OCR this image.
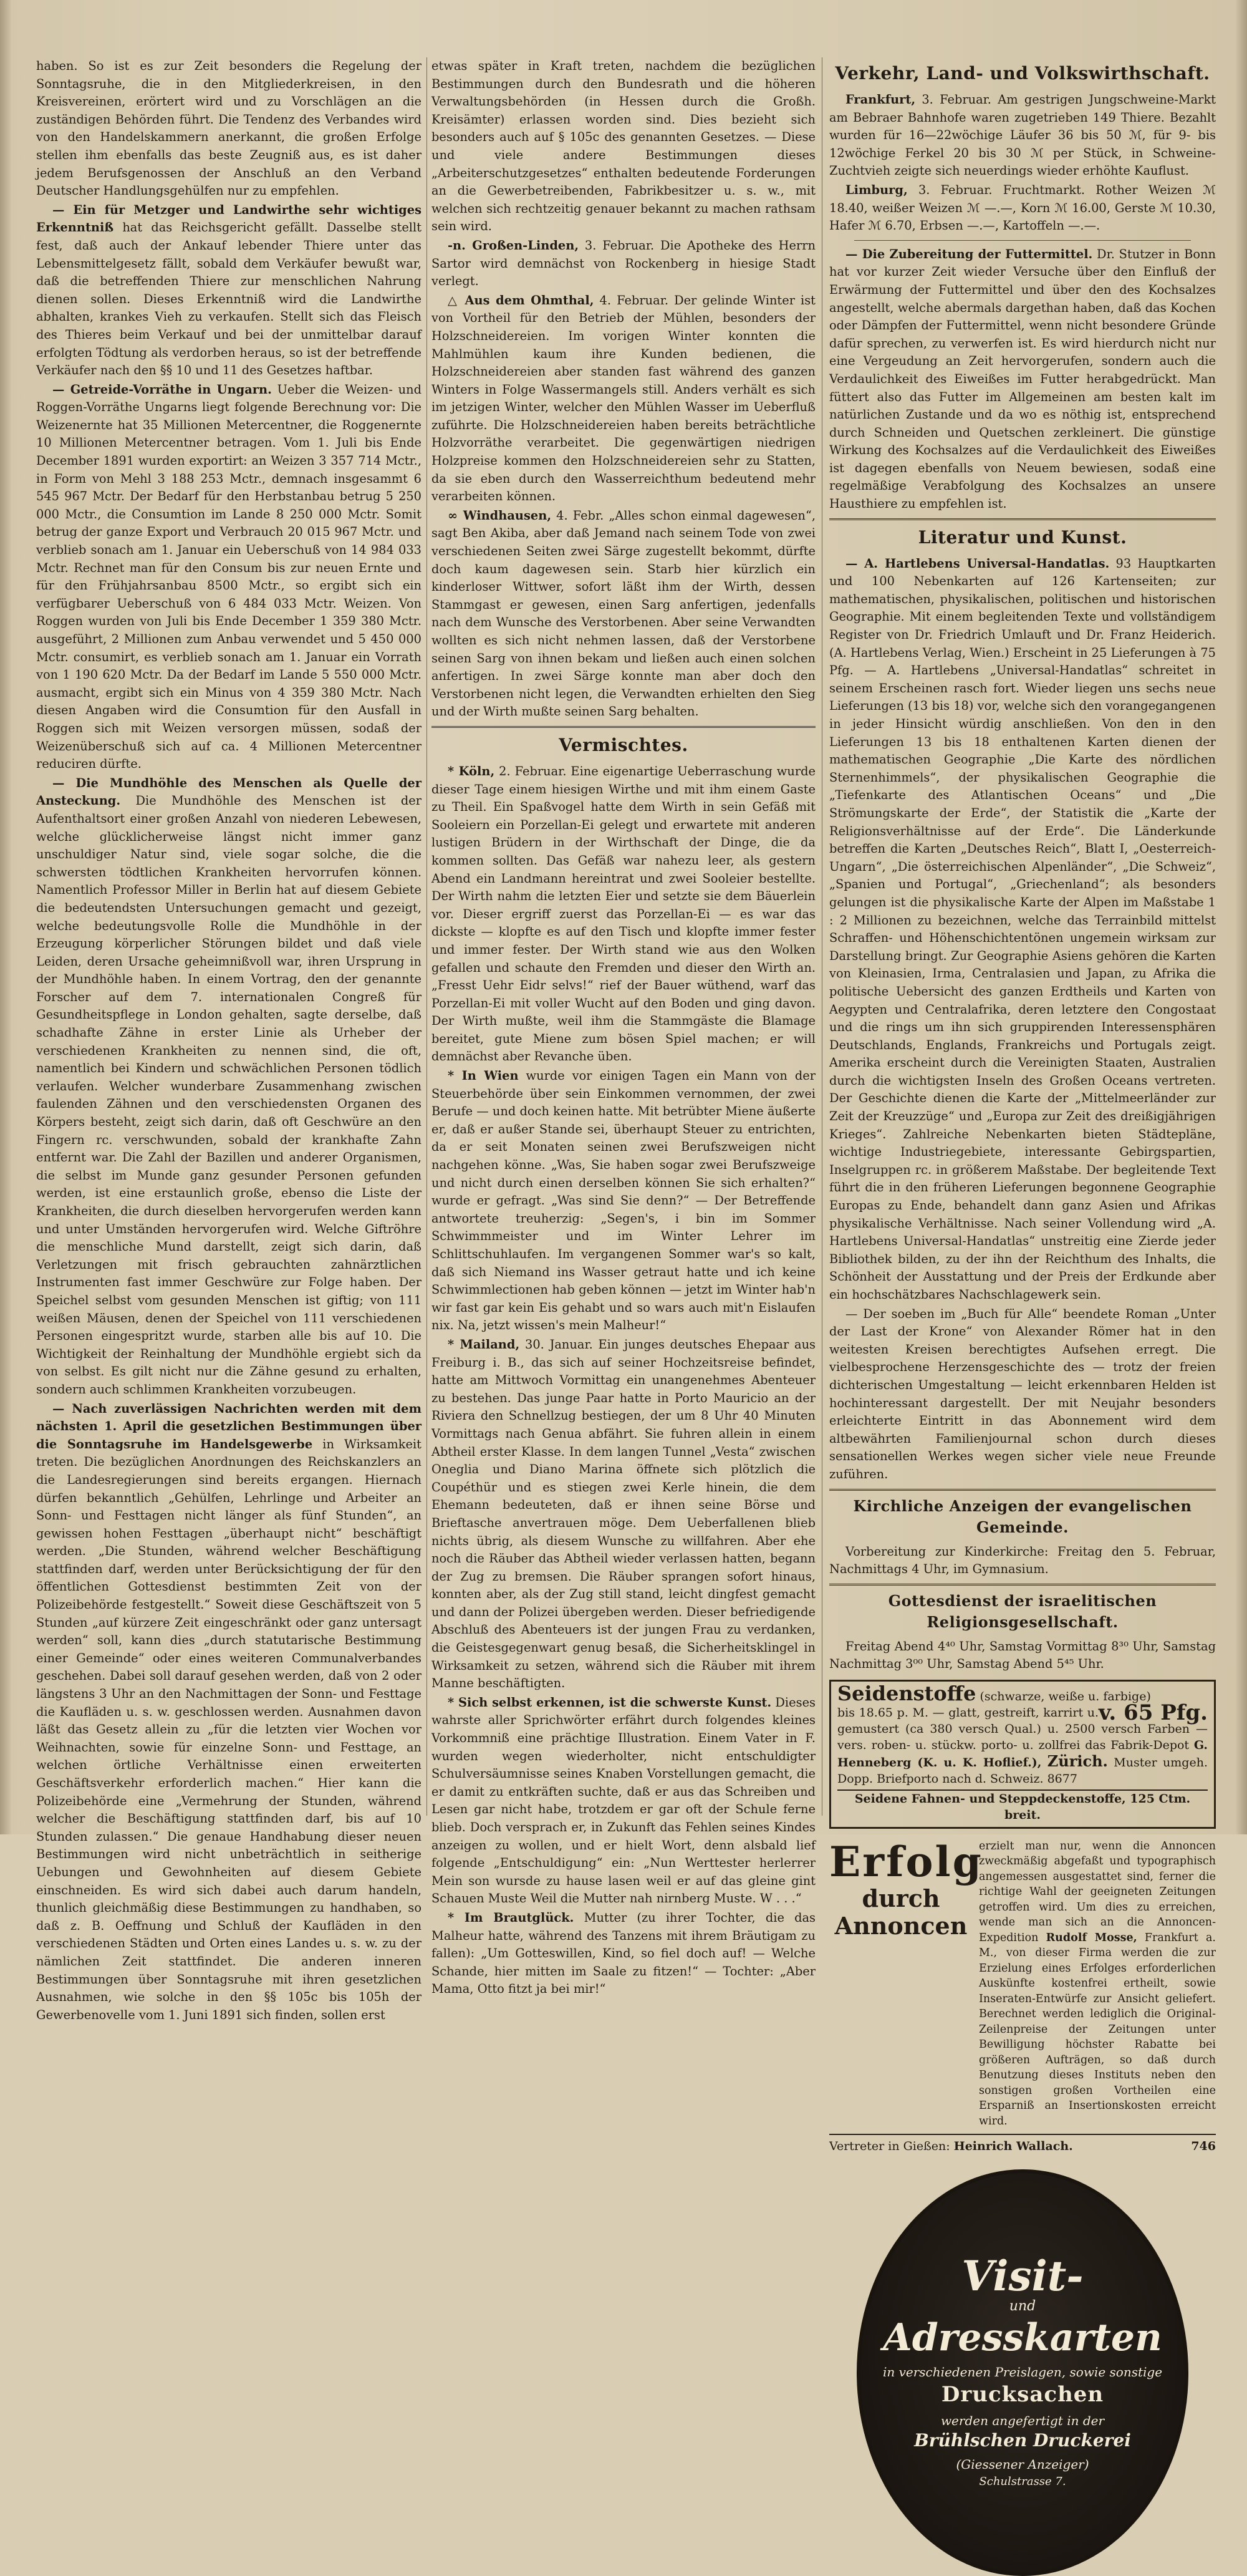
haben. So ist es zur Zeit besonders die Regelung der Sonntagsruhe, die in den Mitgliederkreisen, in den Kreisvereinen, erörtert wird und zu Vorschlägen an die zuständigen Behörden führt. Die Tendenz des Verbandes wird von den Handelskammern anerkannt, die großen Erfolge stellen ihm ebenfalls das beste Zeugniß aus, es ist daher jedem Berufsgenossen der Anschluß an den Verband Deutscher Handlungsgehülfen nur zu empfehlen.

— Ein für Metzger und Landwirthe sehr wichtiges Erkenntniß hat das Reichsgericht gefällt. Dasselbe stellt fest, daß auch der Ankauf lebender Thiere unter das Lebensmittelgesetz fällt, sobald dem Verkäufer bewußt war, daß die betreffenden Thiere zur menschlichen Nahrung dienen sollen. Dieses Erkenntniß wird die Landwirthe abhalten, krankes Vieh zu verkaufen. Stellt sich das Fleisch des Thieres beim Verkauf und bei der unmittelbar darauf erfolgten Tödtung als verdorben heraus, so ist der betreffende Verkäufer nach den §§ 10 und 11 des Gesetzes haftbar.

— Getreide-Vorräthe in Ungarn. Ueber die Weizen- und Roggen-Vorräthe Ungarns liegt folgende Berechnung vor: Die Weizenernte hat 35 Millionen Metercentner, die Roggenernte 10 Millionen Metercentner betragen. Vom 1. Juli bis Ende December 1891 wurden exportirt: an Weizen 3 357 714 Mctr., in Form von Mehl 3 188 253 Mctr., demnach insgesammt 6 545 967 Mctr. Der Bedarf für den Herbstanbau betrug 5 250 000 Mctr., die Consumtion im Lande 8 250 000 Mctr. Somit betrug der ganze Export und Verbrauch 20 015 967 Mctr. und verblieb sonach am 1. Januar ein Ueberschuß von 14 984 033 Mctr. Rechnet man für den Consum bis zur neuen Ernte und für den Frühjahrsanbau 8500 Mctr., so ergibt sich ein verfügbarer Ueberschuß von 6 484 033 Mctr. Weizen. Von Roggen wurden von Juli bis Ende December 1 359 380 Mctr. ausgeführt, 2 Millionen zum Anbau verwendet und 5 450 000 Mctr. consumirt, es verblieb sonach am 1. Januar ein Vorrath von 1 190 620 Mctr. Da der Bedarf im Lande 5 550 000 Mctr. ausmacht, ergibt sich ein Minus von 4 359 380 Mctr. Nach diesen Angaben wird die Consumtion für den Ausfall in Roggen sich mit Weizen versorgen müssen, sodaß der Weizenüberschuß sich auf ca. 4 Millionen Metercentner reduciren dürfte.

— Die Mundhöhle des Menschen als Quelle der Ansteckung. Die Mundhöhle des Menschen ist der Aufenthaltsort einer großen Anzahl von niederen Lebewesen, welche glücklicherweise längst nicht immer ganz unschuldiger Natur sind, viele sogar solche, die die schwersten tödtlichen Krankheiten hervorrufen können. Namentlich Professor Miller in Berlin hat auf diesem Gebiete die bedeutendsten Untersuchungen gemacht und gezeigt, welche bedeutungsvolle Rolle die Mundhöhle in der Erzeugung körperlicher Störungen bildet und daß viele Leiden, deren Ursache geheimnißvoll war, ihren Ursprung in der Mundhöhle haben. In einem Vortrag, den der genannte Forscher auf dem 7. internationalen Congreß für Gesundheitspflege in London gehalten, sagte derselbe, daß schadhafte Zähne in erster Linie als Urheber der verschiedenen Krankheiten zu nennen sind, die oft, namentlich bei Kindern und schwächlichen Personen tödlich verlaufen. Welcher wunderbare Zusammenhang zwischen faulenden Zähnen und den verschiedensten Organen des Körpers besteht, zeigt sich darin, daß oft Geschwüre an den Fingern rc. verschwunden, sobald der krankhafte Zahn entfernt war. Die Zahl der Bazillen und anderer Organismen, die selbst im Munde ganz gesunder Personen gefunden werden, ist eine erstaunlich große, ebenso die Liste der Krankheiten, die durch dieselben hervorgerufen werden kann und unter Umständen hervorgerufen wird. Welche Giftröhre die menschliche Mund darstellt, zeigt sich darin, daß Verletzungen mit frisch gebrauchten zahnärztlichen Instrumenten fast immer Geschwüre zur Folge haben. Der Speichel selbst vom gesunden Menschen ist giftig; von 111 weißen Mäusen, denen der Speichel von 111 verschiedenen Personen eingespritzt wurde, starben alle bis auf 10. Die Wichtigkeit der Reinhaltung der Mundhöhle ergiebt sich da von selbst. Es gilt nicht nur die Zähne gesund zu erhalten, sondern auch schlimmen Krankheiten vorzubeugen.

— Nach zuverlässigen Nachrichten werden mit dem nächsten 1. April die gesetzlichen Bestimmungen über die Sonntagsruhe im Handelsgewerbe in Wirksamkeit treten. Die bezüglichen Anordnungen des Reichskanzlers an die Landesregierungen sind bereits ergangen. Hiernach dürfen bekanntlich „Gehülfen, Lehrlinge und Arbeiter an Sonn- und Festtagen nicht länger als fünf Stunden“, an gewissen hohen Festtagen „überhaupt nicht“ beschäftigt werden. „Die Stunden, während welcher Beschäftigung stattfinden darf, werden unter Berücksichtigung der für den öffentlichen Gottesdienst bestimmten Zeit von der Polizeibehörde festgestellt.“ Soweit diese Geschäftszeit von 5 Stunden „auf kürzere Zeit eingeschränkt oder ganz untersagt werden“ soll, kann dies „durch statutarische Bestimmung einer Gemeinde“ oder eines weiteren Communalverbandes geschehen. Dabei soll darauf gesehen werden, daß von 2 oder längstens 3 Uhr an den Nachmittagen der Sonn- und Festtage die Kaufläden u. s. w. geschlossen werden. Ausnahmen davon läßt das Gesetz allein zu „für die letzten vier Wochen vor Weihnachten, sowie für einzelne Sonn- und Festtage, an welchen örtliche Verhältnisse einen erweiterten Geschäftsverkehr erforderlich machen.“ Hier kann die Polizeibehörde eine „Vermehrung der Stunden, während welcher die Beschäftigung stattfinden darf, bis auf 10 Stunden zulassen.“ Die genaue Handhabung dieser neuen Bestimmungen wird nicht unbeträchtlich in seitherige Uebungen und Gewohnheiten auf diesem Gebiete einschneiden. Es wird sich dabei auch darum handeln, thunlich gleichmäßig diese Bestimmungen zu handhaben, so daß z. B. Oeffnung und Schluß der Kaufläden in den verschiedenen Städten und Orten eines Landes u. s. w. zu der nämlichen Zeit stattfindet. Die anderen inneren Bestimmungen über Sonntagsruhe mit ihren gesetzlichen Ausnahmen, wie solche in den §§ 105c bis 105h der Gewerbenovelle vom 1. Juni 1891 sich finden, sollen erst

etwas später in Kraft treten, nachdem die bezüglichen Bestimmungen durch den Bundesrath und die höheren Verwaltungsbehörden (in Hessen durch die Großh. Kreisämter) erlassen worden sind. Dies bezieht sich besonders auch auf § 105c des genannten Gesetzes. — Diese und viele andere Bestimmungen dieses „Arbeiterschutzgesetzes“ enthalten bedeutende Forderungen an die Gewerbetreibenden, Fabrikbesitzer u. s. w., mit welchen sich rechtzeitig genauer bekannt zu machen rathsam sein wird.

-n. Großen-Linden, 3. Februar. Die Apotheke des Herrn Sartor wird demnächst von Rockenberg in hiesige Stadt verlegt.

△ Aus dem Ohmthal, 4. Februar. Der gelinde Winter ist von Vortheil für den Betrieb der Mühlen, besonders der Holzschneidereien. Im vorigen Winter konnten die Mahlmühlen kaum ihre Kunden bedienen, die Holzschneidereien aber standen fast während des ganzen Winters in Folge Wassermangels still. Anders verhält es sich im jetzigen Winter, welcher den Mühlen Wasser im Ueberfluß zuführte. Die Holzschneidereien haben bereits beträchtliche Holzvorräthe verarbeitet. Die gegenwärtigen niedrigen Holzpreise kommen den Holzschneidereien sehr zu Statten, da sie eben durch den Wasserreichthum bedeutend mehr verarbeiten können.

∞ Windhausen, 4. Febr. „Alles schon einmal dagewesen“, sagt Ben Akiba, aber daß Jemand nach seinem Tode von zwei verschiedenen Seiten zwei Särge zugestellt bekommt, dürfte doch kaum dagewesen sein. Starb hier kürzlich ein kinderloser Wittwer, sofort läßt ihm der Wirth, dessen Stammgast er gewesen, einen Sarg anfertigen, jedenfalls nach dem Wunsche des Verstorbenen. Aber seine Verwandten wollten es sich nicht nehmen lassen, daß der Verstorbene seinen Sarg von ihnen bekam und ließen auch einen solchen anfertigen. In zwei Särge konnte man aber doch den Verstorbenen nicht legen, die Verwandten erhielten den Sieg und der Wirth mußte seinen Sarg behalten.

Vermischtes.

* Köln, 2. Februar. Eine eigenartige Ueberraschung wurde dieser Tage einem hiesigen Wirthe und mit ihm einem Gaste zu Theil. Ein Spaßvogel hatte dem Wirth in sein Gefäß mit Sooleiern ein Porzellan-Ei gelegt und erwartete mit anderen lustigen Brüdern in der Wirthschaft der Dinge, die da kommen sollten. Das Gefäß war nahezu leer, als gestern Abend ein Landmann hereintrat und zwei Sooleier bestellte. Der Wirth nahm die letzten Eier und setzte sie dem Bäuerlein vor. Dieser ergriff zuerst das Porzellan-Ei — es war das dickste — klopfte es auf den Tisch und klopfte immer fester und immer fester. Der Wirth stand wie aus den Wolken gefallen und schaute den Fremden und dieser den Wirth an. „Fresst Uehr Eidr selvs!“ rief der Bauer wüthend, warf das Porzellan-Ei mit voller Wucht auf den Boden und ging davon. Der Wirth mußte, weil ihm die Stammgäste die Blamage bereitet, gute Miene zum bösen Spiel machen; er will demnächst aber Revanche üben.

* In Wien wurde vor einigen Tagen ein Mann von der Steuerbehörde über sein Einkommen vernommen, der zwei Berufe — und doch keinen hatte. Mit betrübter Miene äußerte er, daß er außer Stande sei, überhaupt Steuer zu entrichten, da er seit Monaten seinen zwei Berufszweigen nicht nachgehen könne. „Was, Sie haben sogar zwei Berufszweige und nicht durch einen derselben können Sie sich erhalten?“ wurde er gefragt. „Was sind Sie denn?“ — Der Betreffende antwortete treuherzig: „Segen's, i bin im Sommer Schwimmmeister und im Winter Lehrer im Schlittschuhlaufen. Im vergangenen Sommer war's so kalt, daß sich Niemand ins Wasser getraut hatte und ich keine Schwimmlectionen hab geben können — jetzt im Winter hab'n wir fast gar kein Eis gehabt und so wars auch mit'n Eislaufen nix. Na, jetzt wissen's mein Malheur!“

* Mailand, 30. Januar. Ein junges deutsches Ehepaar aus Freiburg i. B., das sich auf seiner Hochzeitsreise befindet, hatte am Mittwoch Vormittag ein unangenehmes Abenteuer zu bestehen. Das junge Paar hatte in Porto Mauricio an der Riviera den Schnellzug bestiegen, der um 8 Uhr 40 Minuten Vormittags nach Genua abfährt. Sie fuhren allein in einem Abtheil erster Klasse. In dem langen Tunnel „Vesta“ zwischen Oneglia und Diano Marina öffnete sich plötzlich die Coupéthür und es stiegen zwei Kerle hinein, die dem Ehemann bedeuteten, daß er ihnen seine Börse und Brieftasche anvertrauen möge. Dem Ueberfallenen blieb nichts übrig, als diesem Wunsche zu willfahren. Aber ehe noch die Räuber das Abtheil wieder verlassen hatten, begann der Zug zu bremsen. Die Räuber sprangen sofort hinaus, konnten aber, als der Zug still stand, leicht dingfest gemacht und dann der Polizei übergeben werden. Dieser befriedigende Abschluß des Abenteuers ist der jungen Frau zu verdanken, die Geistesgegenwart genug besaß, die Sicherheitsklingel in Wirksamkeit zu setzen, während sich die Räuber mit ihrem Manne beschäftigten.

* Sich selbst erkennen, ist die schwerste Kunst. Dieses wahrste aller Sprichwörter erfährt durch folgendes kleines Vorkommniß eine prächtige Illustration. Einem Vater in F. wurden wegen wiederholter, nicht entschuldigter Schulversäumnisse seines Knaben Vorstellungen gemacht, die er damit zu entkräften suchte, daß er aus das Schreiben und Lesen gar nicht habe, trotzdem er gar oft der Schule ferne blieb. Doch versprach er, in Zukunft das Fehlen seines Kindes anzeigen zu wollen, und er hielt Wort, denn alsbald lief folgende „Entschuldigung“ ein: „Nun Werttester herlerrer Mein son wursde zu hause lasen weil er auf das gleine gint Schauen Muste Weil die Mutter nah nirnberg Muste. W . . .“

* Im Brautglück. Mutter (zu ihrer Tochter, die das Malheur hatte, während des Tanzens mit ihrem Bräutigam zu fallen): „Um Gotteswillen, Kind, so fiel doch auf! — Welche Schande, hier mitten im Saale zu fitzen!“ — Tochter: „Aber Mama, Otto fitzt ja bei mir!“

Verkehr, Land- und Volkswirthschaft.

Frankfurt, 3. Februar. Am gestrigen Jungschweine-Markt am Bebraer Bahnhofe waren zugetrieben 149 Thiere. Bezahlt wurden für 16—22wöchige Läufer 36 bis 50 ℳ, für 9- bis 12wöchige Ferkel 20 bis 30 ℳ per Stück, in Schweine-Zuchtvieh zeigte sich neuerdings wieder erhöhte Kauflust.

Limburg, 3. Februar. Fruchtmarkt. Rother Weizen ℳ 18.40, weißer Weizen ℳ —.—, Korn ℳ 16.00, Gerste ℳ 10.30, Hafer ℳ 6.70, Erbsen —.—, Kartoffeln —.—.

— Die Zubereitung der Futtermittel. Dr. Stutzer in Bonn hat vor kurzer Zeit wieder Versuche über den Einfluß der Erwärmung der Futtermittel und über den des Kochsalzes angestellt, welche abermals dargethan haben, daß das Kochen oder Dämpfen der Futtermittel, wenn nicht besondere Gründe dafür sprechen, zu verwerfen ist. Es wird hierdurch nicht nur eine Vergeudung an Zeit hervorgerufen, sondern auch die Verdaulichkeit des Eiweißes im Futter herabgedrückt. Man füttert also das Futter im Allgemeinen am besten kalt im natürlichen Zustande und da wo es nöthig ist, entsprechend durch Schneiden und Quetschen zerkleinert. Die günstige Wirkung des Kochsalzes auf die Verdaulichkeit des Eiweißes ist dagegen ebenfalls von Neuem bewiesen, sodaß eine regelmäßige Verabfolgung des Kochsalzes an unsere Hausthiere zu empfehlen ist.

Literatur und Kunst.

— A. Hartlebens Universal-Handatlas. 93 Hauptkarten und 100 Nebenkarten auf 126 Kartenseiten; zur mathematischen, physikalischen, politischen und historischen Geographie. Mit einem begleitenden Texte und vollständigem Register von Dr. Friedrich Umlauft und Dr. Franz Heiderich. (A. Hartlebens Verlag, Wien.) Erscheint in 25 Lieferungen à 75 Pfg. — A. Hartlebens „Universal-Handatlas“ schreitet in seinem Erscheinen rasch fort. Wieder liegen uns sechs neue Lieferungen (13 bis 18) vor, welche sich den vorangegangenen in jeder Hinsicht würdig anschließen. Von den in den Lieferungen 13 bis 18 enthaltenen Karten dienen der mathematischen Geographie „Die Karte des nördlichen Sternenhimmels“, der physikalischen Geographie die „Tiefenkarte des Atlantischen Oceans“ und „Die Strömungskarte der Erde“, der Statistik die „Karte der Religionsverhältnisse auf der Erde“. Die Länderkunde betreffen die Karten „Deutsches Reich“, Blatt I, „Oesterreich-Ungarn“, „Die österreichischen Alpenländer“, „Die Schweiz“, „Spanien und Portugal“, „Griechenland“; als besonders gelungen ist die physikalische Karte der Alpen im Maßstabe 1 : 2 Millionen zu bezeichnen, welche das Terrainbild mittelst Schraffen- und Höhenschichtentönen ungemein wirksam zur Darstellung bringt. Zur Geographie Asiens gehören die Karten von Kleinasien, Irma, Centralasien und Japan, zu Afrika die politische Uebersicht des ganzen Erdtheils und Karten von Aegypten und Centralafrika, deren letztere den Congostaat und die rings um ihn sich gruppirenden Interessensphären Deutschlands, Englands, Frankreichs und Portugals zeigt. Amerika erscheint durch die Vereinigten Staaten, Australien durch die wichtigsten Inseln des Großen Oceans vertreten. Der Geschichte dienen die Karte der „Mittelmeerländer zur Zeit der Kreuzzüge“ und „Europa zur Zeit des dreißigjährigen Krieges“. Zahlreiche Nebenkarten bieten Städtepläne, wichtige Industriegebiete, interessante Gebirgspartien, Inselgruppen rc. in größerem Maßstabe. Der begleitende Text führt die in den früheren Lieferungen begonnene Geographie Europas zu Ende, behandelt dann ganz Asien und Afrikas physikalische Verhältnisse. Nach seiner Vollendung wird „A. Hartlebens Universal-Handatlas“ unstreitig eine Zierde jeder Bibliothek bilden, zu der ihn der Reichthum des Inhalts, die Schönheit der Ausstattung und der Preis der Erdkunde aber ein hochschätzbares Nachschlagewerk sein.

— Der soeben im „Buch für Alle“ beendete Roman „Unter der Last der Krone“ von Alexander Römer hat in den weitesten Kreisen berechtigtes Aufsehen erregt. Die vielbesprochene Herzensgeschichte des — trotz der freien dichterischen Umgestaltung — leicht erkennbaren Helden ist hochinteressant dargestellt. Der mit Neujahr besonders erleichterte Eintritt in das Abonnement wird dem altbewährten Familienjournal schon durch dieses sensationellen Werkes wegen sicher viele neue Freunde zuführen.

Kirchliche Anzeigen der evangelischen Gemeinde.

Vorbereitung zur Kinderkirche: Freitag den 5. Februar, Nachmittags 4 Uhr, im Gymnasium.

Gottesdienst der israelitischen Religionsgesellschaft.

Freitag Abend 4⁴⁰ Uhr, Samstag Vormittag 8³⁰ Uhr, Samstag Nachmittag 3⁰⁰ Uhr, Samstag Abend 5⁴⁵ Uhr.

Seidenstoffe (schwarze, weiße u. farbige)
v. 65 Pfg.
bis 18.65 p. M. — glatt, gestreift, karrirt u. gemustert (ca 380 versch Qual.) u. 2500 versch Farben — vers. roben- u. stückw. porto- u. zollfrei das Fabrik-Depot G. Henneberg (K. u. K. Hoflief.), Zürich. Muster umgeh. Dopp. Briefporto nach d. Schweiz. 8677
Seidene Fahnen- und Steppdeckenstoffe, 125 Ctm. breit.
Erfolg
durch Annoncen
erzielt man nur, wenn die Annoncen zweckmäßig abgefaßt und typographisch angemessen ausgestattet sind, ferner die richtige Wahl der geeigneten Zeitungen getroffen wird. Um dies zu erreichen, wende man sich an die Annoncen-Expedition Rudolf Mosse, Frankfurt a. M., von dieser Firma werden die zur Erzielung eines Erfolges erforderlichen Auskünfte kostenfrei ertheilt, sowie Inseraten-Entwürfe zur Ansicht geliefert. Berechnet werden lediglich die Original-Zeilenpreise der Zeitungen unter Bewilligung höchster Rabatte bei größeren Aufträgen, so daß durch Benutzung dieses Instituts neben den sonstigen großen Vortheilen eine Ersparniß an Insertionskosten erreicht wird.
Vertreter in Gießen: Heinrich Wallach.	746
Visit-
und
Adresskarten
in verschiedenen Preislagen, sowie sonstige
Drucksachen
werden angefertigt in der
Brühlschen Druckerei
(Giessener Anzeiger)
Schulstrasse 7.
